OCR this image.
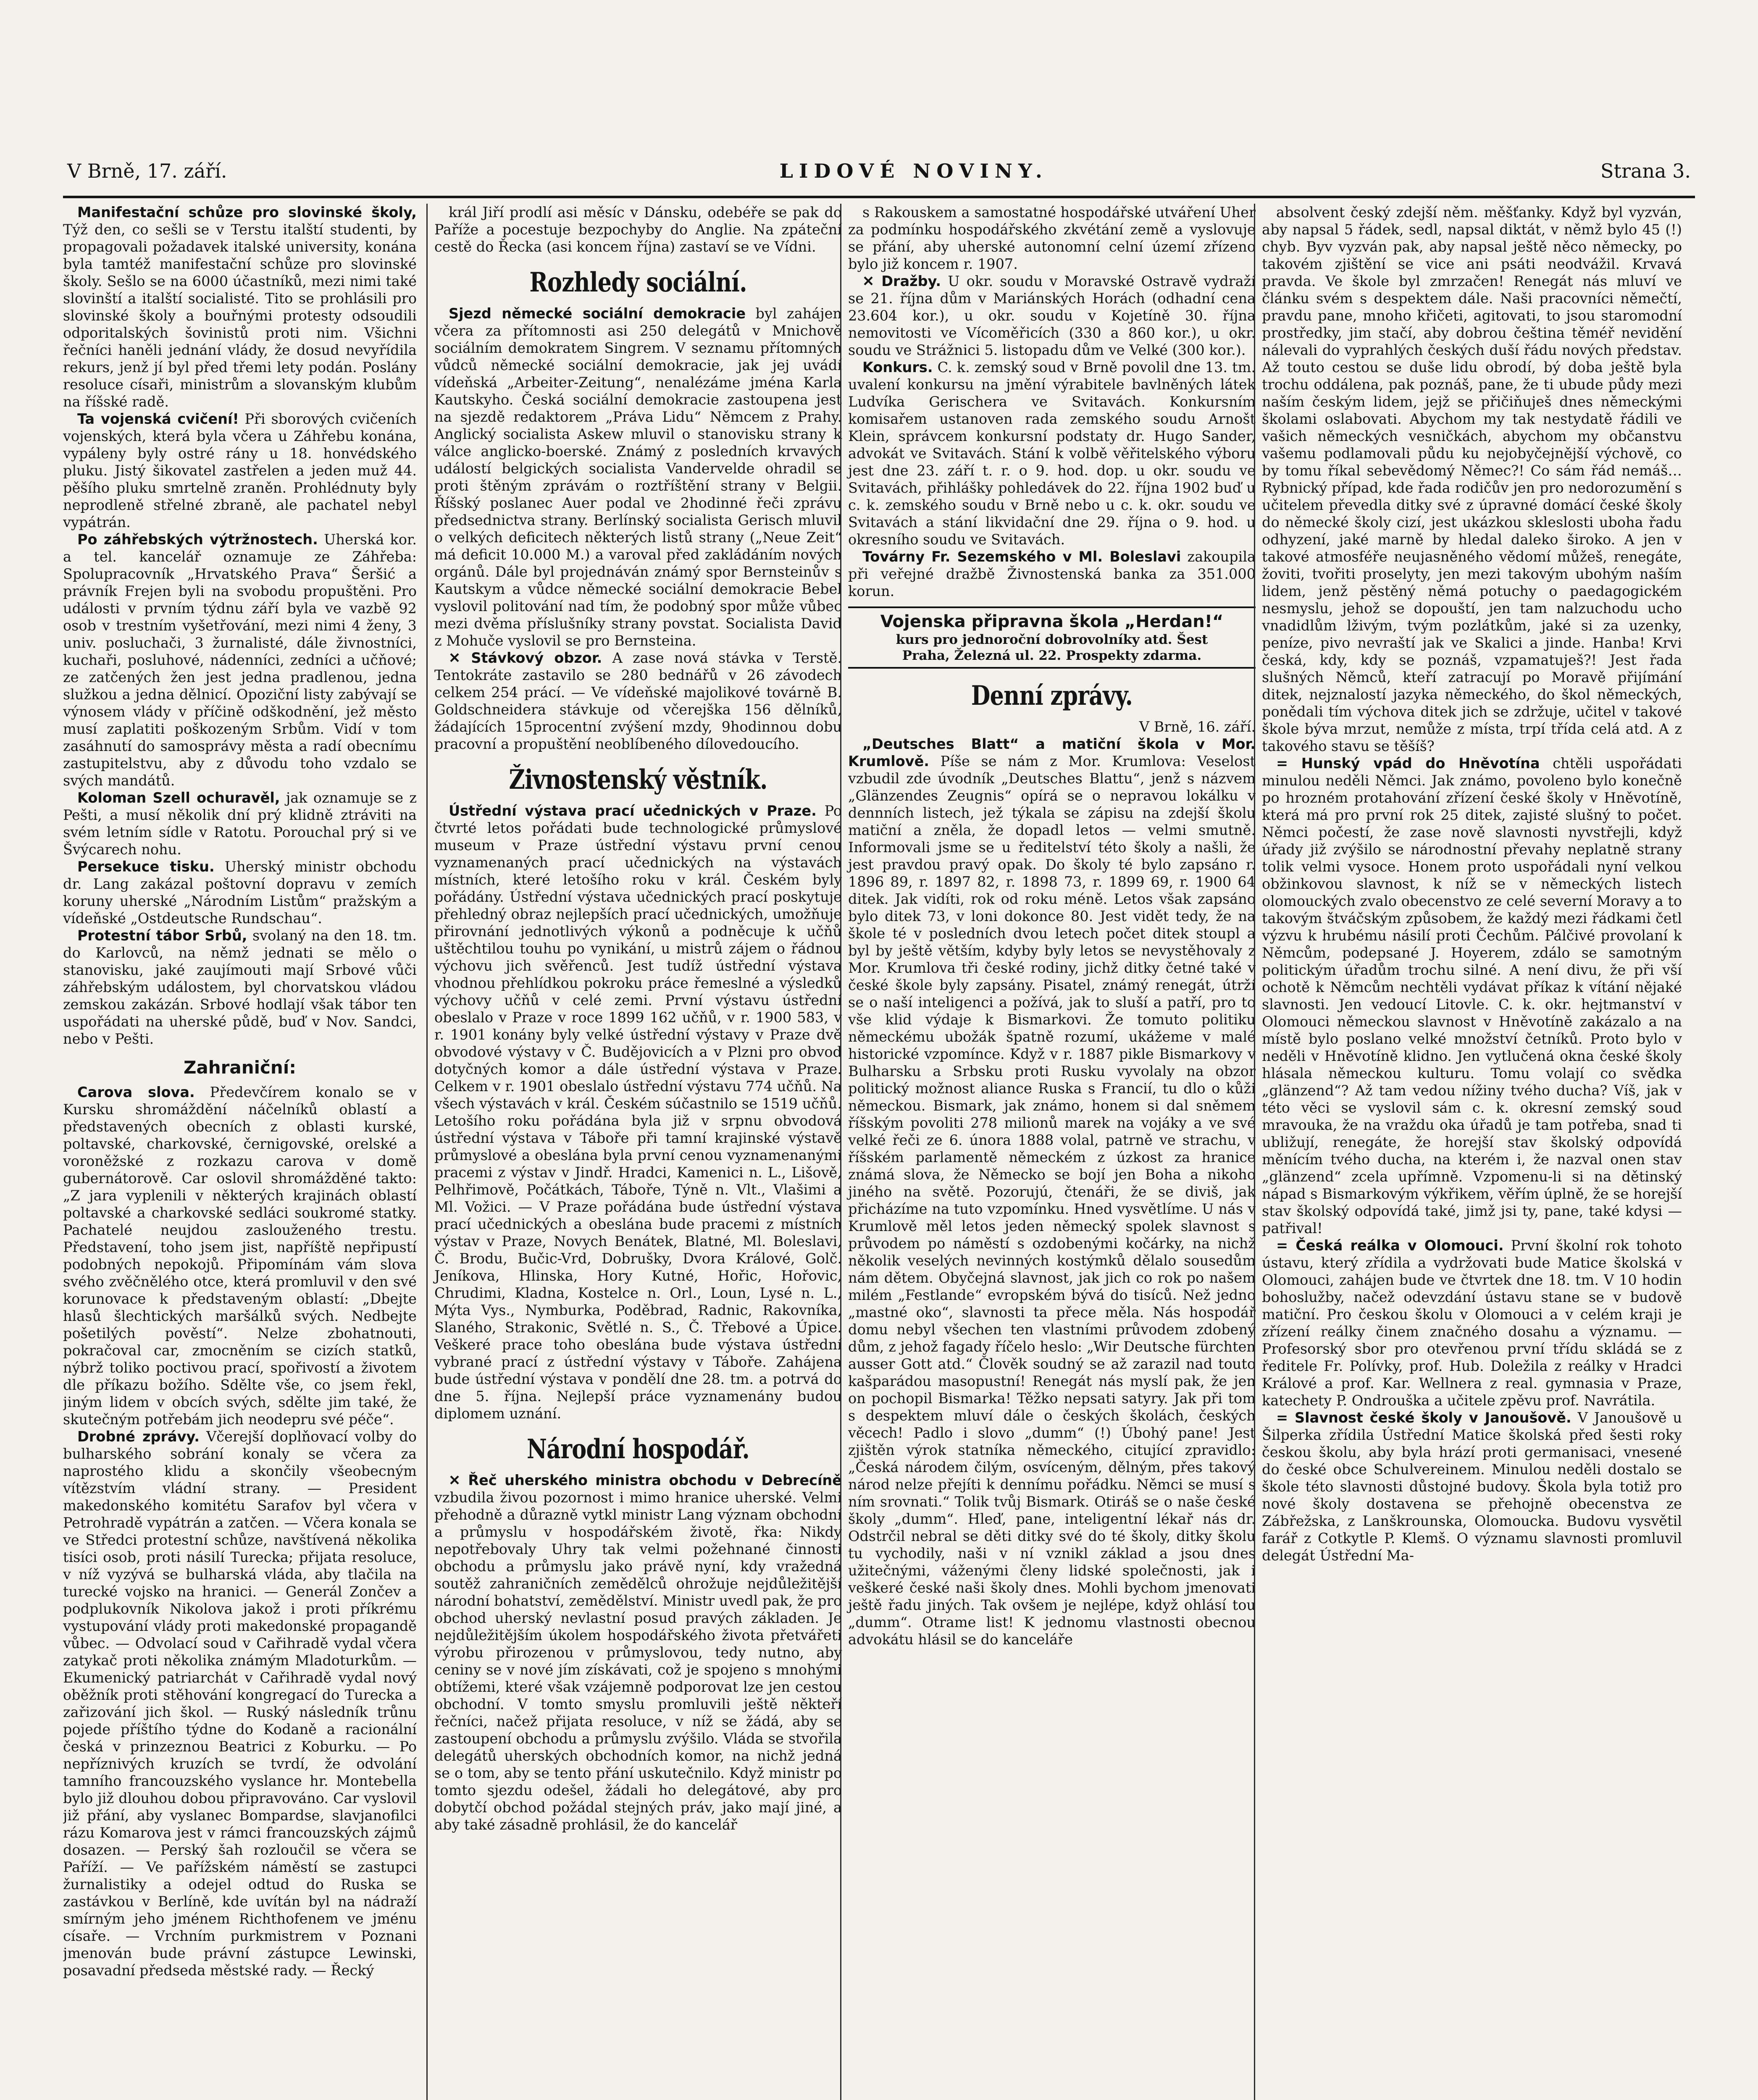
V Brně, 17. září.	LIDOVÉ NOVINY.	Strana 3.

Manifestační schůze pro slovinské školy, Týž den, co sešli se v Terstu italští studenti, by propagovali požadavek italské university, konána byla tamtéž manifestační schůze pro slovinské školy. Sešlo se na 6000 účastníků, mezi nimi také slovinští a italští socialisté. Tito se prohlásili pro slovinské školy a bouřnými protesty odsoudili odporitalských šovinistů proti nim. Všichni řečníci haněli jednání vlády, že dosud nevyřídila rekurs, jenž jí byl před třemi lety podán. Poslány resoluce císaři, ministrům a slovanským klubům na říšské radě.

Ta vojenská cvičení! Při sborových cvičeních vojenských, která byla včera u Záhřebu konána, vypáleny byly ostré rány u 18. honvédského pluku. Jistý šikovatel zastřelen a jeden muž 44. pěšího pluku smrtelně zraněn. Prohlédnuty byly neprodleně střelné zbraně, ale pachatel nebyl vypátrán.

Po záhřebských výtržnostech. Uherská kor. a tel. kancelář oznamuje ze Záhřeba: Spolupracovník „Hrvatského Prava“ Šeršić a právník Frejen byli na svobodu propuštěni. Pro události v prvním týdnu září byla ve vazbě 92 osob v trestním vyšetřování, mezi nimi 4 ženy, 3 univ. posluchači, 3 žurnalisté, dále živnostníci, kuchaři, posluhové, nádenníci, zedníci a učňové; ze zatčených žen jest jedna pradlenou, jedna služkou a jedna dělnicí. Opoziční listy zabývají se výnosem vlády v příčině odškodnění, jež město musí zaplatiti poškozeným Srbům. Vidí v tom zasáhnutí do samosprávy města a radí obecnímu zastupitelstvu, aby z důvodu toho vzdalo se svých mandátů.

Koloman Szell ochuravěl, jak oznamuje se z Pešti, a musí několik dní prý klidně ztráviti na svém letním sídle v Ratotu. Porouchal prý si ve Švýcarech nohu.

Persekuce tisku. Uherský ministr obchodu dr. Lang zakázal poštovní dopravu v zemích koruny uherské „Národním Listům“ pražským a vídeňské „Ostdeutsche Rundschau“.

Protestní tábor Srbů, svolaný na den 18. tm. do Karlovců, na němž jednati se mělo o stanovisku, jaké zaujímouti mají Srbové vůči záhřebským událostem, byl chorvatskou vládou zemskou zakázán. Srbové hodlají však tábor ten uspořádati na uherské půdě, buď v Nov. Sandci, nebo v Pešti.

Zahraniční:

Carova slova. Předevčírem konalo se v Kursku shromáždění náčelníků oblastí a představených obecních z oblasti kurské, poltavské, charkovské, černigovské, orelské a voroněžské z rozkazu carova v domě gubernátorově. Car oslovil shromážděné takto: „Z jara vyplenili v některých krajinách oblastí poltavské a charkovské sedláci soukromé statky. Pachatelé neujdou zaslouženého trestu. Představení, toho jsem jist, napříště nepřipustí podobných nepokojů. Připomínám vám slova svého zvěčnělého otce, která promluvil v den své korunovace k představeným oblastí: „Dbejte hlasů šlechtických maršálků svých. Nedbejte pošetilých pověstí“. Nelze zbohatnouti, pokračoval car, zmocněním se cizích statků, nýbrž toliko poctivou prací, spořivostí a životem dle příkazu božího. Sdělte vše, co jsem řekl, jiným lidem v obcích svých, sdělte jim také, že skutečným potřebám jich neodepru své péče“.

Drobné zprávy. Včerejší doplňovací volby do bulharského sobrání konaly se včera za naprostého klidu a skončily všeobecným vítězstvím vládní strany. — President makedonského komitétu Sarafov byl včera v Petrohradě vypátrán a zatčen. — Včera konala se ve Středci protestní schůze, navštívená několika tisíci osob, proti násilí Turecka; přijata resoluce, v níž vyzývá se bulharská vláda, aby tlačila na turecké vojsko na hranici. — Generál Zončev a podplukovník Nikolova jakož i proti příkrému vystupování vlády proti makedonské propagandě vůbec. — Odvolací soud v Cařihradě vydal včera zatykač proti několika známým Mladoturkům. — Ekumenický patriarchát v Cařihradě vydal nový oběžník proti stěhování kongregací do Turecka a zařizování jich škol. — Ruský následník trůnu pojede příštího týdne do Kodaně a racionální česká v prinzeznou Beatrici z Koburku. — Po nepříznivých kruzích se tvrdí, že odvolání tamního francouzského vyslance hr. Montebella bylo již dlouhou dobou připravováno. Car vyslovil již přání, aby vyslanec Bompardse, slavjanofilci rázu Komarova jest v rámci francouzských zájmů dosazen. — Perský šah rozloučil se včera se Paříží. — Ve pařížském náměstí se zastupci žurnalistiky a odejel odtud do Ruska se zastávkou v Berlíně, kde uvítán byl na nádraží smírným jeho jménem Richthofenem ve jménu císaře. — Vrchním purkmistrem v Poznani jmenován bude právní zástupce Lewinski, posavadní předseda městské rady. — Řecký

král Jiří prodlí asi měsíc v Dánsku, odebéře se pak do Paříže a pocestuje bezpochyby do Anglie. Na zpáteční cestě do Řecka (asi koncem října) zastaví se ve Vídni.

Rozhledy sociální.

Sjezd německé sociální demokracie byl zahájen včera za přítomnosti asi 250 delegátů v Mnichově sociálním demokratem Singrem. V seznamu přítomných vůdců německé sociální demokracie, jak jej uvádí vídeňská „Arbeiter-Zeitung“, nenalézáme jména Karla Kautskyho. Česká sociální demokracie zastoupena jest na sjezdě redaktorem „Práva Lidu“ Němcem z Prahy. Anglický socialista Askew mluvil o stanovisku strany k válce anglicko-boerské. Známý z posledních krvavých událostí belgických socialista Vandervelde ohradil se proti štěným zprávám o roztříštění strany v Belgii. Říšský poslanec Auer podal ve 2hodinné řeči zprávu předsednictva strany. Berlínský socialista Gerisch mluvil o velkých deficitech některých listů strany („Neue Zeit“ má deficit 10.000 M.) a varoval před zakládáním nových orgánů. Dále byl projednáván známý spor Bernsteinův s Kautskym a vůdce německé sociální demokracie Bebel vyslovil politování nad tím, že podobný spor může vůbec mezi dvěma příslušníky strany povstat. Socialista David z Mohuče vyslovil se pro Bernsteina.

✕ Stávkový obzor. A zase nová stávka v Terstě. Tentokráte zastavilo se 280 bednářů v 26 závodech celkem 254 prácí. — Ve vídeňské majolikové továrně B. Goldschneidera stávkuje od včerejška 156 dělníků, žádajících 15procentní zvýšení mzdy, 9hodinnou dobu pracovní a propuštění neoblíbeného dílovedoucího.

Živnostenský věstník.

Ústřední výstava prací učednických v Praze. Po čtvrté letos pořádati bude technologické průmyslové museum v Praze ústřední výstavu první cenou vyznamenaných prací učednických na výstavách místních, které letošího roku v král. Českém byly pořádány. Ústřední výstava učednických prací poskytuje přehledný obraz nejlepších prací učednických, umožňuje přirovnání jednotlivých výkonů a podněcuje k učňů uštěchtilou touhu po vynikání, u mistrů zájem o řádnou výchovu jich svěřenců. Jest tudíž ústřední výstava vhodnou přehlídkou pokroku práce řemeslné a výsledků výchovy učňů v celé zemi. První výstavu ústřední obeslalo v Praze v roce 1899 162 učňů, v r. 1900 583, v r. 1901 konány byly velké ústřední výstavy v Praze dvě obvodové výstavy v Č. Budějovicích a v Plzni pro obvod dotyčných komor a dále ústřední výstava v Praze. Celkem v r. 1901 obeslalo ústřední výstavu 774 učňů. Na všech výstavách v král. Českém súčastnilo se 1519 učňů. Letošího roku pořádána byla již v srpnu obvodová ústřední výstava v Táboře při tamní krajinské výstavě průmyslové a obeslána byla první cenou vyznamenanými pracemi z výstav v Jindř. Hradci, Kamenici n. L., Lišově, Pelhřimově, Počátkách, Táboře, Týně n. Vlt., Vlašimi a Ml. Vožici. — V Praze pořádána bude ústřední výstava prací učednických a obeslána bude pracemi z místních výstav v Praze, Novych Benátek, Blatné, Ml. Boleslavi, Č. Brodu, Bučic-Vrd, Dobrušky, Dvora Králové, Golč. Jeníkova, Hlinska, Hory Kutné, Hořic, Hořovic, Chrudimi, Kladna, Kostelce n. Orl., Loun, Lysé n. L., Mýta Vys., Nymburka, Poděbrad, Radnic, Rakovníka, Slaného, Strakonic, Světlé n. S., Č. Třebové a Úpice. Veškeré prace toho obeslána bude výstava ústřední vybrané prací z ústřední výstavy v Táboře. Zahájena bude ústřední výstava v pondělí dne 28. tm. a potrvá do dne 5. října. Nejlepší práce vyznamenány budou diplomem uznání.

Národní hospodář.

✕ Řeč uherského ministra obchodu v Debrecíně vzbudila živou pozornost i mimo hranice uherské. Velmi přehodně a důrazně vytkl ministr Lang význam obchodní a průmyslu v hospodářském životě, řka: Nikdy nepotřebovaly Uhry tak velmi požehnané činnosti obchodu a průmyslu jako právě nyní, kdy vražedná soutěž zahraničních zemědělců ohrožuje nejdůležitější národní bohatství, zemědělství. Ministr uvedl pak, že pro obchod uherský nevlastní posud pravých základen. Je nejdůležitějším úkolem hospodářského života přetvářeti výrobu přirozenou v průmyslovou, tedy nutno, aby ceniny se v nové jím získávati, což je spojeno s mnohými obtížemi, které však vzájemně podporovat lze jen cestou obchodní. V tomto smyslu promluvili ještě někteří řečníci, načež přijata resoluce, v níž se žádá, aby se zastoupení obchodu a průmyslu zvýšilo. Vláda se stvořila delegátů uherských obchodních komor, na nichž jedná se o tom, aby se tento přání uskutečnilo. Když ministr po tomto sjezdu odešel, žádali ho delegátové, aby pro dobytčí obchod požádal stejných práv, jako mají jiné, a aby také zásadně prohlásil, že do kancelář

s Rakouskem a samostatné hospodářské utváření Uher za podmínku hospodářského zkvétání země a vyslovuje se přání, aby uherské autonomní celní území zřízeno bylo již koncem r. 1907.

✕ Dražby. U okr. soudu v Moravské Ostravě vydraží se 21. října dům v Mariánských Horách (odhadní cena 23.604 kor.), u okr. soudu v Kojetíně 30. října nemovitosti ve Vícoměřicích (330 a 860 kor.), u okr. soudu ve Strážnici 5. listopadu dům ve Velké (300 kor.).

Konkurs. C. k. zemský soud v Brně povolil dne 13. tm. uvalení konkursu na jmění výrabitele bavlněných látek Ludvíka Gerischera ve Svitavách. Konkursním komisařem ustanoven rada zemského soudu Arnošt Klein, správcem konkursní podstaty dr. Hugo Sander, advokát ve Svitavách. Stání k volbě věřitelského výboru jest dne 23. září t. r. o 9. hod. dop. u okr. soudu ve Svitavách, přihlášky pohledávek do 22. října 1902 buď u c. k. zemského soudu v Brně nebo u c. k. okr. soudu ve Svitavách a stání likvidační dne 29. října o 9. hod. u okresního soudu ve Svitavách.

Továrny Fr. Sezemského v Ml. Boleslavi zakoupila při veřejné dražbě Živnostenská banka za 351.000 korun.

Vojenska připravna škola „Herdan!“
kurs pro jednoroční dobrovolníky atd. Šest
Praha, Železná ul. 22. Prospekty zdarma.
Denní zprávy.
V Brně, 16. září.

„Deutsches Blatt“ a matiční škola v Mor. Krumlově. Píše se nám z Mor. Krumlova: Veselost vzbudil zde úvodník „Deutsches Blattu“, jenž s názvem „Glänzendes Zeugnis“ opírá se o nepravou lokálku v dennních listech, jež týkala se zápisu na zdejší školu matiční a zněla, že dopadl letos — velmi smutně. Informovali jsme se u ředitelství této školy a našli, že jest pravdou pravý opak. Do školy té bylo zapsáno r. 1896 89, r. 1897 82, r. 1898 73, r. 1899 69, r. 1900 64 ditek. Jak vidíti, rok od roku méně. Letos však zapsáno bylo ditek 73, v loni dokonce 80. Jest vidět tedy, že na škole té v posledních dvou letech počet ditek stoupl a byl by ještě větším, kdyby byly letos se nevystěhovaly z Mor. Krumlova tři české rodiny, jichž ditky četné také v české škole byly zapsány. Pisatel, známý renegát, útrží se o naší inteligenci a požívá, jak to sluší a patří, pro to vše klid výdaje k Bismarkovi. Že tomuto politiku německému ubožák špatně rozumí, ukážeme v malé historické vzpomínce. Když v r. 1887 pikle Bismarkovy v Bulharsku a Srbsku proti Rusku vyvolaly na obzor politický možnost aliance Ruska s Francií, tu dlo o kůži německou. Bismark, jak známo, honem si dal sněmem říšským povoliti 278 milionů marek na vojáky a ve své velké řeči ze 6. února 1888 volal, patrně ve strachu, v říšském parlamentě německém z úzkost za hranice známá slova, že Německo se bojí jen Boha a nikoho jiného na světě. Pozorujú, čtenáři, že se diviš, jak přicházíme na tuto vzpomínku. Hned vysvětlíme. U nás v Krumlově měl letos jeden německý spolek slavnost s průvodem po náměstí s ozdobenými kočárky, na nichž několik veselých nevinných kostýmků dělalo sousedům nám dětem. Obyčejná slavnost, jak jich co rok po našem milém „Festlande“ evropském bývá do tisíců. Než jedno „mastné oko“, slavnosti ta přece měla. Nás hospodář domu nebyl všechen ten vlastními průvodem zdobený dům, z jehož fagady říčelo heslo: „Wir Deutsche fürchten ausser Gott atd.“ Člověk soudný se až zarazil nad touto kašparádou masopustní! Renegát nás myslí pak, že jen on pochopil Bismarka! Těžko nepsati satyry. Jak při tom s despektem mluví dále o českých školách, českých věcech! Padlo i slovo „dumm“ (!) Úbohý pane! Jest zjištěn výrok statníka německého, citující zpravidlo: „Česká národem čilým, osvíceným, dělným, přes takový národ nelze přejíti k dennímu pořádku. Němci se musí s ním srovnati.“ Tolik tvůj Bismark. Otiráš se o naše české školy „dumm“. Hleď, pane, inteligentní lékař nás dr. Odstrčil nebral se děti ditky své do té školy, ditky školu tu vychodily, naši v ní vznikl základ a jsou dnes užitečnými, váženými členy lidské společnosti, jak i veškeré české naši školy dnes. Mohli bychom jmenovati ještě řadu jiných. Tak ovšem je nejlépe, když ohlásí tou „dumm“. Otrame list! K jednomu vlastnosti obecnou advokátu hlásil se do kanceláře

absolvent český zdejší něm. měšťanky. Když byl vyzván, aby napsal 5 řádek, sedl, napsal diktát, v němž bylo 45 (!) chyb. Byv vyzván pak, aby napsal ještě něco německy, po takovém zjištění se vice ani psáti neodvážil. Krvavá pravda. Ve škole byl zmrzačen! Renegát nás mluví ve článku svém s despektem dále. Naši pracovníci němečtí, pravdu pane, mnoho křičeti, agitovati, to jsou staromodní prostředky, jim stačí, aby dobrou čeština těméř nevidění nálevali do vyprahlých českých duší řádu nových představ. Až touto cestou se duše lidu obrodí, bý doba ještě byla trochu oddálena, pak poznáš, pane, že ti ubude půdy mezi naším českým lidem, jejž se přičiňuješ dnes německými školami oslabovati. Abychom my tak nestydatě řádili ve vašich německých vesničkách, abychom my občanstvu vašemu podlamovali půdu ku nejobyčejnější výchově, co by tomu říkal sebevědomý Němec?! Co sám řád nemáš… Rybnický případ, kde řada rodičův jen pro nedorozumění s učitelem převedla ditky své z úpravné domácí české školy do německé školy cizí, jest ukázkou skleslosti uboha řadu odhyzení, jaké marně by hledal daleko široko. A jen v takové atmosféře neujasněného vědomí můžeš, renegáte, žoviti, tvořiti proselyty, jen mezi takovým ubohým naším lidem, jenž pěstěný němá potuchy o paedagogickém nesmyslu, jehož se dopouští, jen tam nalzuchodu ucho vnadidlům lživým, tvým pozlátkům, jaké si za uzenky, peníze, pivo nevraští jak ve Skalici a jinde. Hanba! Krvi česká, kdy, kdy se poznáš, vzpamatuješ?! Jest řada slušných Němců, kteří zatracují po Moravě přijímání ditek, nejznalostí jazyka německého, do škol německých, ponědali tím výchova ditek jich se zdržuje, učitel v takové škole býva mrzut, nemůže z místa, trpí třída celá atd. A z takového stavu se těšíš?

= Hunský vpád do Hněvotína chtěli uspořádati minulou neděli Němci. Jak známo, povoleno bylo konečně po hrozném protahování zřízení české školy v Hněvotíně, která má pro první rok 25 ditek, zajisté slušný to počet. Němci počestí, že zase nově slavnosti nyvstřejli, když úřady již zvýšilo se národnostní převahy neplatně strany tolik velmi vysoce. Honem proto uspořádali nyní velkou obžinkovou slavnost, k níž se v německých listech olomouckých zvalo obecenstvo ze celé severní Moravy a to takovým štváčským způsobem, že každý mezi řádkami četl výzvu k hrubému násilí proti Čechům. Pálčivé provolaní k Němcům, podepsané J. Hoyerem, zdálo se samotným politickým úřadům trochu silné. A není divu, že při vší ochotě k Němcům nechtěli vydávat příkaz k vítání nějaké slavnosti. Jen vedoucí Litovle. C. k. okr. hejtmanství v Olomouci německou slavnost v Hněvotíně zakázalo a na místě bylo poslano velké množství četníků. Proto bylo v neděli v Hněvotíně klidno. Jen vytlučená okna české školy hlásala německou kulturu. Tomu volají co svědka „glänzend“? Až tam vedou nížiny tvého ducha? Víš, jak v této věci se vyslovil sám c. k. okresní zemský soud mravouka, že na vraždu oka úřadů je tam potřeba, snad ti ubližují, renegáte, že horejší stav školský odpovídá měnícím tvého ducha, na kterém i, že nazval onen stav „glänzend“ zcela upřímně. Vzpomenu-li si na dětinský nápad s Bismarkovým výkřikem, věřím úplně, že se horejší stav školský odpovídá také, jimž jsi ty, pane, také kdysi — patřival!

= Česká reálka v Olomouci. První školní rok tohoto ústavu, který zřídila a vydržovati bude Matice školská v Olomouci, zahájen bude ve čtvrtek dne 18. tm. V 10 hodin bohoslužby, načež odevzdání ústavu stane se v budově matiční. Pro českou školu v Olomouci a v celém kraji je zřízení reálky činem značného dosahu a významu. — Profesorský sbor pro otevřenou první třídu skládá se z ředitele Fr. Polívky, prof. Hub. Doležila z reálky v Hradci Králové a prof. Kar. Wellnera z real. gymnasia v Praze, katechety P. Ondrouška a učitele zpěvu prof. Navrátila.

= Slavnost české školy v Janoušově. V Janoušově u Šilperka zřídila Ústřední Matice školská před šesti roky českou školu, aby byla hrází proti germanisaci, vnesené do české obce Schulvereinem. Minulou neděli dostalo se škole této slavnosti důstojné budovy. Škola byla totiž pro nové školy dostavena se přehojně obecenstva ze Zábřežska, z Lanškrounska, Olomoucka. Budovu vysvětil farář z Cotkytle P. Klemš. O významu slavnosti promluvil delegát Ústřední Ma-
